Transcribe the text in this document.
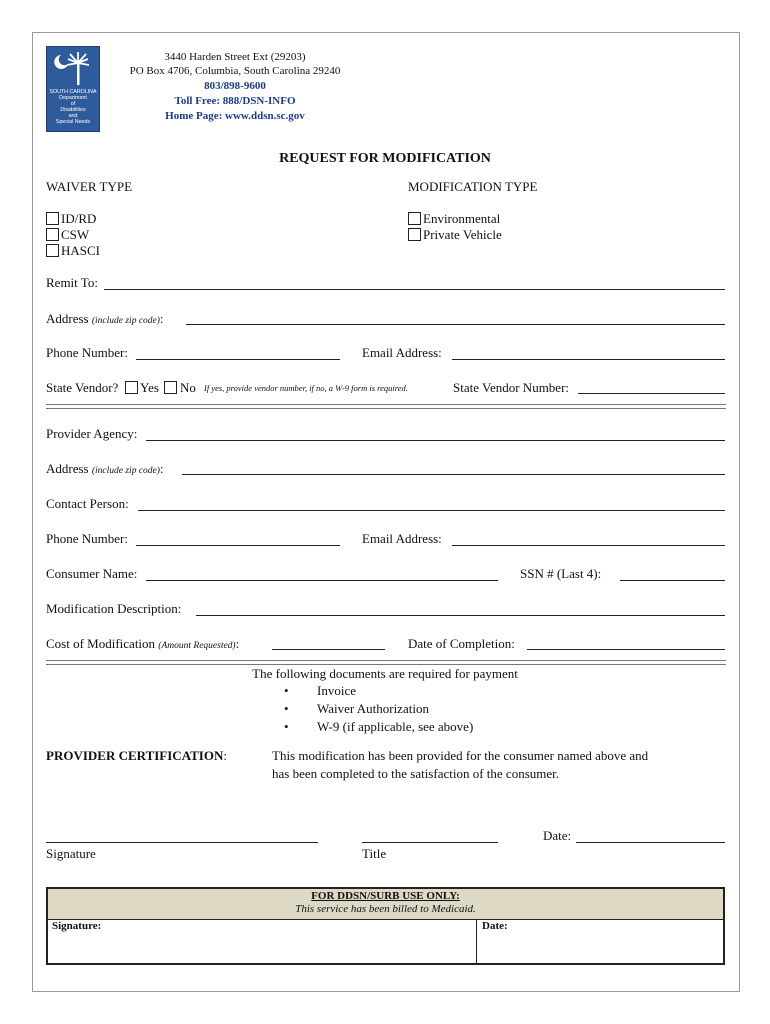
SOUTH CAROLINA
Department
of
Disabilities
and
Special Needs
3440 Harden Street Ext (29203)
PO Box 4706, Columbia, South Carolina 29240
803/898-9600
Toll Free: 888/DSN-INFO
Home Page: www.ddsn.sc.gov
REQUEST FOR MODIFICATION
WAIVER TYPE	MODIFICATION TYPE
ID/RD
CSW
HASCI
Environmental
Private Vehicle
Remit To:
Address (include zip code):
Phone Number:	Email Address:
State Vendor? Yes No If yes, provide vendor number, if no, a W-9 form is required.	State Vendor Number:
Provider Agency:
Address (include zip code):
Contact Person:
Phone Number:	Email Address:
Consumer Name:	SSN # (Last 4):
Modification Description:
Cost of Modification (Amount Requested):	Date of Completion:
The following documents are required for payment
• Invoice
• Waiver Authorization
• W-9 (if applicable, see above)
PROVIDER CERTIFICATION:	This modification has been provided for the consumer named above and
has been completed to the satisfaction of the consumer.
Date:
Signature	Title
FOR DDSN/SURB USE ONLY:
This service has been billed to Medicaid.
Signature:	Date:
